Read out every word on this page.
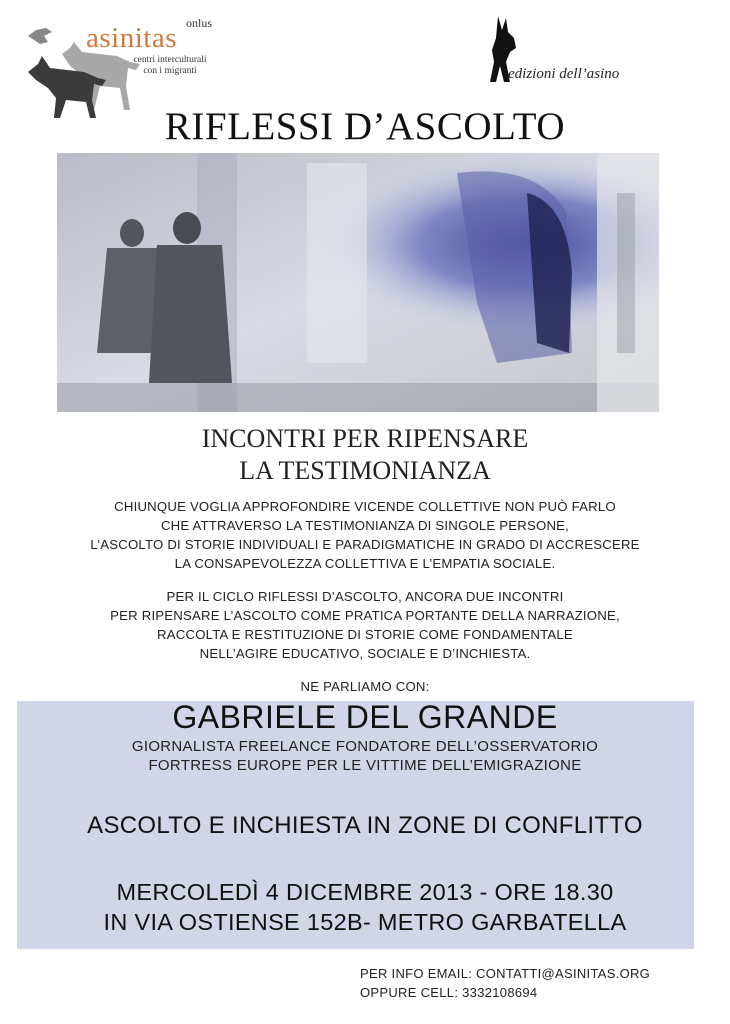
onlus
asinitas
centri interculturali
con i migranti	edizioni dell’asino
RIFLESSI D’ASCOLTO
INCONTRI PER RIPENSARE
LA TESTIMONIANZA
CHIUNQUE VOGLIA APPROFONDIRE VICENDE COLLETTIVE NON PUÒ FARLO
CHE ATTRAVERSO LA TESTIMONIANZA DI SINGOLE PERSONE,
L’ASCOLTO DI STORIE INDIVIDUALI E PARADIGMATICHE IN GRADO DI ACCRESCERE
LA CONSAPEVOLEZZA COLLETTIVA E L’EMPATIA SOCIALE.
PER IL CICLO RIFLESSI D’ASCOLTO, ANCORA DUE INCONTRI
PER RIPENSARE L’ASCOLTO COME PRATICA PORTANTE DELLA NARRAZIONE,
RACCOLTA E RESTITUZIONE DI STORIE COME FONDAMENTALE
NELL’AGIRE EDUCATIVO, SOCIALE E D’INCHIESTA.
NE PARLIAMO CON:
GABRIELE DEL GRANDE
GIORNALISTA FREELANCE FONDATORE DELL’OSSERVATORIO
FORTRESS EUROPE PER LE VITTIME DELL’EMIGRAZIONE
ASCOLTO E INCHIESTA IN ZONE DI CONFLITTO
MERCOLEDÌ 4 DICEMBRE 2013 - ORE 18.30
IN VIA OSTIENSE 152B- METRO GARBATELLA
PER INFO EMAIL: CONTATTI@ASINITAS.ORG
OPPURE CELL: 3332108694
